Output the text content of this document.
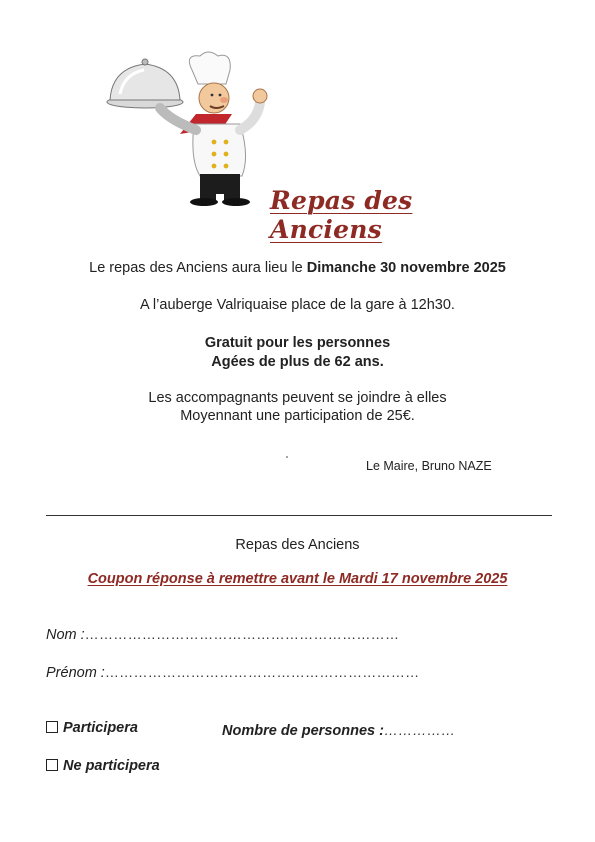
Repas des Anciens
Le repas des Anciens aura lieu le Dimanche 30 novembre 2025
A l’auberge Valriquaise place de la gare à 12h30.
Gratuit pour les personnes
Agées de plus de 62 ans.
Les accompagnants peuvent se joindre à elles
Moyennant une participation de 25€.
Le Maire, Bruno NAZE
Repas des Anciens
Coupon réponse à remettre avant le Mardi 17 novembre 2025
Nom :…………………………………………………………
Prénom :…………………………………………………………
Participera	Nombre de personnes :……………
Ne participera
